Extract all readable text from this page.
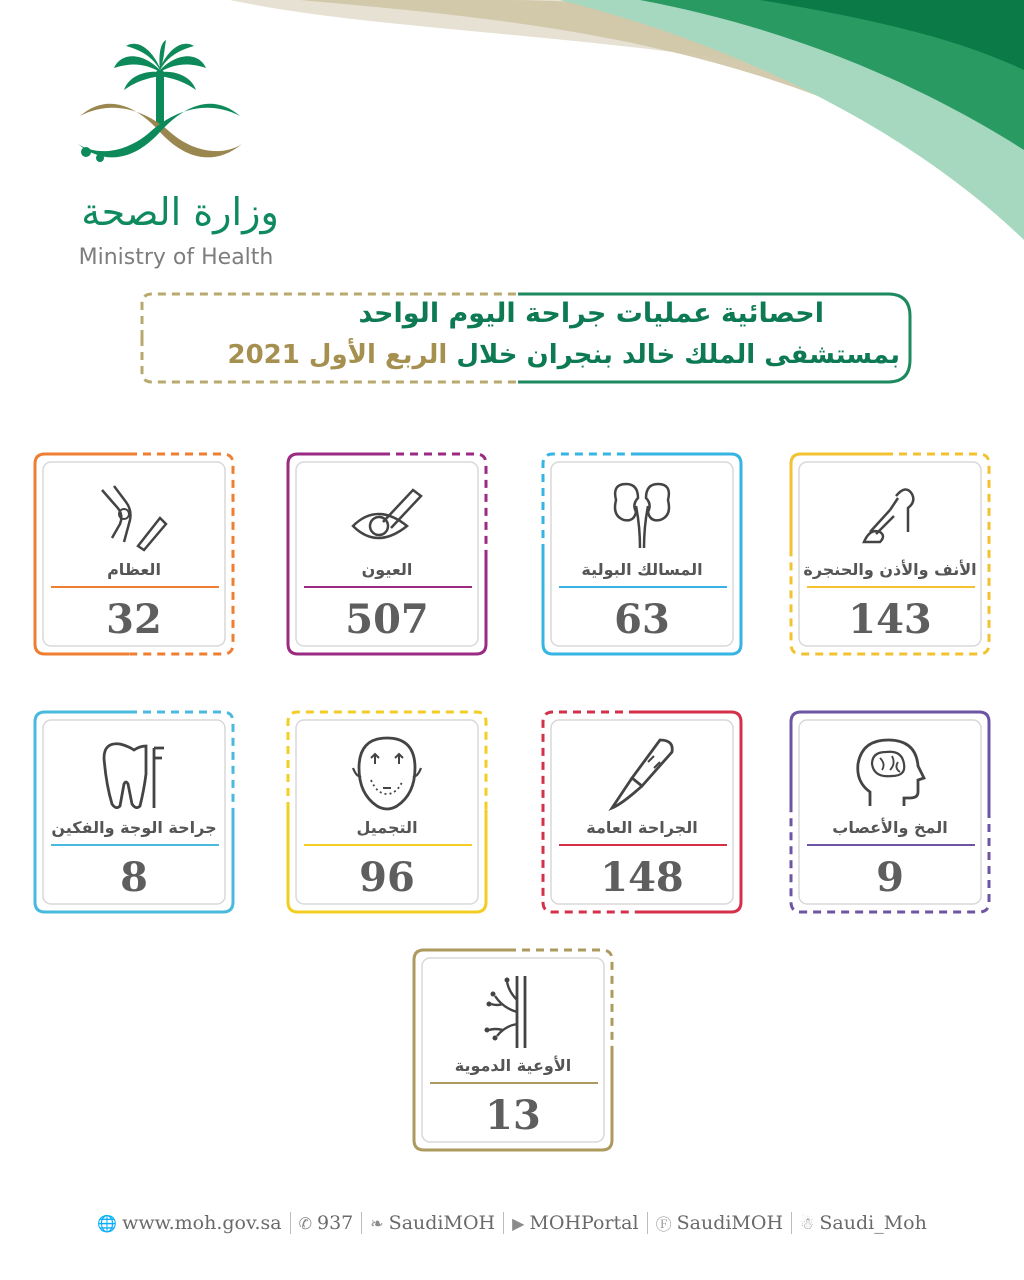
وزارة الصحة
Ministry of Health
احصائية عمليات جراحة اليوم الواحد
بمستشفى الملك خالد بنجران خلال الربع الأول 2021
الأنف والأذن والحنجرة
143
المسالك البولية
63
العيون
507
العظام
32
المخ والأعصاب
9
الجراحة العامة
148
التجميل
96
جراحة الوجة والفكين
8
الأوعية الدموية
13
🌐 www.moh.gov.sa ✆ 937 ❧ SaudiMOH ▶ MOHPortal Ⓕ SaudiMOH ☃ Saudi_Moh
